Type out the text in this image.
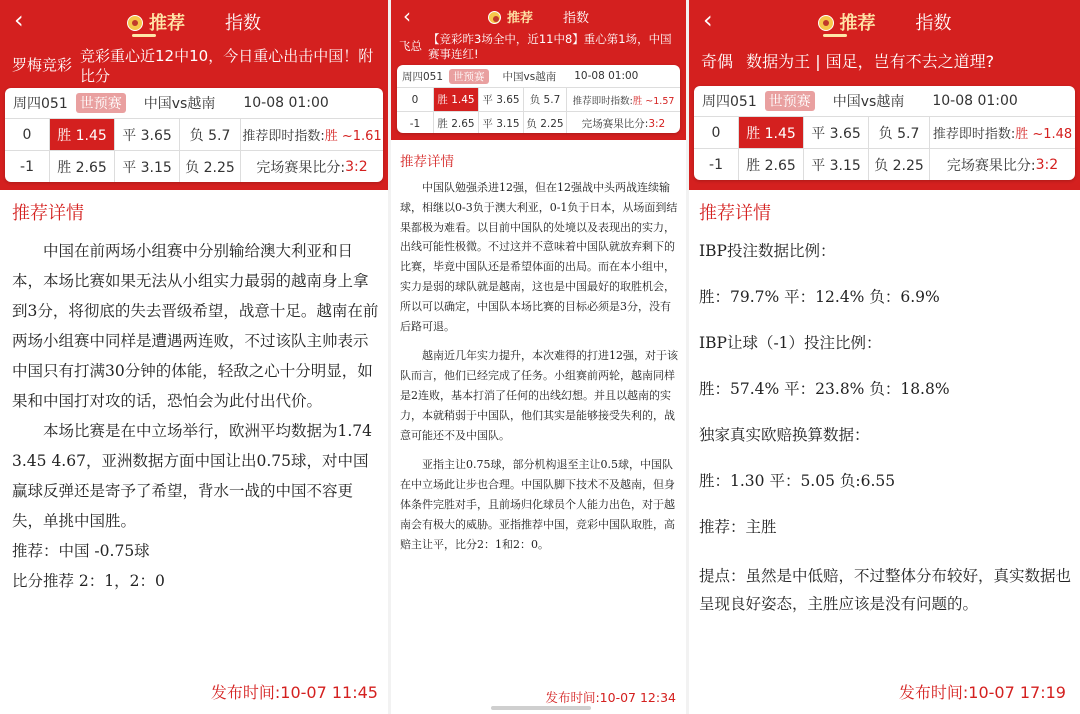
‹	推荐 指数
罗梅竞彩 竞彩重心近12中10，今日重心出击中国！附比分
周四051 世预赛 中国vs越南 10-08 01:00
0	胜 1.45	平 3.65	负 5.7 推荐即时指数: 胜 ~1.61
-1	胜 2.65	平 3.15 负 2.25	完场赛果比分: 3:2
推荐详情

中国在前两场小组赛中分别输给澳大利亚和日本，本场比赛如果无法从小组实力最弱的越南身上拿到3分，将彻底的失去晋级希望，战意十足。越南在前两场小组赛中同样是遭遇两连败，不过该队主帅表示中国只有打满30分钟的体能，轻敌之心十分明显，如果和中国打对攻的话，恐怕会为此付出代价。

本场比赛是在中立场举行，欧洲平均数据为1.74 3.45 4.67，亚洲数据方面中国让出0.75球，对中国赢球反弹还是寄予了希望，背水一战的中国不容更失，单挑中国胜。

推荐：中国 -0.75球

比分推荐 2：1，2：0

发布时间:10-07 11:45
‹	推荐 指数
飞总 【竞彩昨3场全中，近11中8】重心第1场，中国赛事连红!
周四051 世预赛	中国vs越南 10-08 01:00
0	胜 1.45 平 3.65 负 5.7	推荐即时指数: 胜 ~1.57
-1	胜 2.65 平 3.15 负 2.25	完场赛果比分: 3:2
推荐详情

中国队勉强杀进12强，但在12强战中头两战连续输球，相继以0-3负于澳大利亚，0-1负于日本，从场面到结果都极为难看。以目前中国队的处境以及表现出的实力，出线可能性极微。不过这并不意味着中国队就放弃剩下的比赛，毕竟中国队还是希望体面的出局。而在本小组中，实力是弱的球队就是越南，这也是中国最好的取胜机会，所以可以确定，中国队本场比赛的目标必须是3分，没有后路可退。

越南近几年实力提升，本次难得的打进12强，对于该队而言，他们已经完成了任务。小组赛前两轮，越南同样是2连败，基本打消了任何的出线幻想。并且以越南的实力，本就稍弱于中国队，他们其实是能够接受失利的，战意可能还不及中国队。

亚指主让0.75球，部分机构退至主让0.5球，中国队在中立场此让步也合理。中国队脚下技术不及越南，但身体条件完胜对手，且前场归化球员个人能力出色，对于越南会有极大的威胁。亚指推荐中国，竞彩中国队取胜，高赔主让平，比分2：1和2：0。

发布时间:10-07 12:34
‹	推荐 指数
奇偶 数据为王 | 国足，岂有不去之道理?
周四051 世预赛 中国vs越南 10-08 01:00
0	胜 1.45	平 3.65	负 5.7	推荐即时指数: 胜 ~1.48
-1	胜 2.65	平 3.15 负 2.25	完场赛果比分: 3:2
推荐详情

IBP投注数据比例：

胜：79.7% 平：12.4% 负：6.9%

IBP让球（-1）投注比例：

胜：57.4% 平：23.8% 负：18.8%

独家真实欧赔换算数据：

胜：1.30 平：5.05 负:6.55

推荐：主胜

提点：虽然是中低赔，不过整体分布较好，真实数据也呈现良好姿态，主胜应该是没有问题的。

发布时间:10-07 17:19
